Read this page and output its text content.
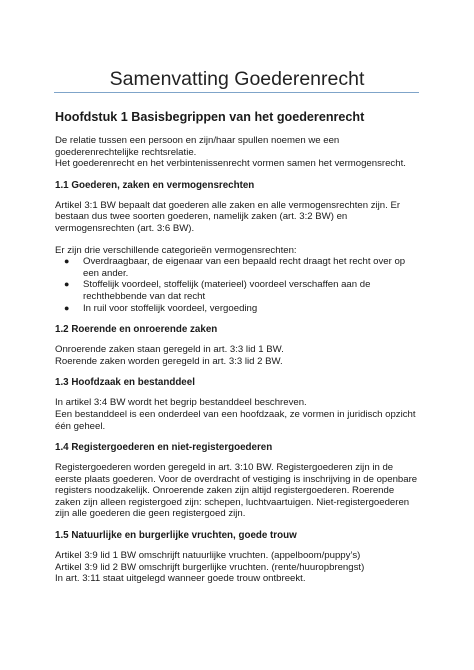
Samenvatting Goederenrecht
Hoofdstuk 1 Basisbegrippen van het goederenrecht

De relatie tussen een persoon en zijn/haar spullen noemen we een goederenrechtelijke rechtsrelatie.
Het goederenrecht en het verbintenissenrecht vormen samen het vermogensrecht.

1.1 Goederen, zaken en vermogensrechten

Artikel 3:1 BW bepaalt dat goederen alle zaken en alle vermogensrechten zijn. Er bestaan dus twee soorten goederen, namelijk zaken (art. 3:2 BW) en vermogensrechten (art. 3:6 BW).

Er zijn drie verschillende categorieën vermogensrechten:

● Overdraagbaar, de eigenaar van een bepaald recht draagt het recht over op een ander.
● Stoffelijk voordeel, stoffelijk (materieel) voordeel verschaffen aan de rechthebbende van dat recht
● In ruil voor stoffelijk voordeel, vergoeding
1.2 Roerende en onroerende zaken

Onroerende zaken staan geregeld in art. 3:3 lid 1 BW.
Roerende zaken worden geregeld in art. 3:3 lid 2 BW.

1.3 Hoofdzaak en bestanddeel

In artikel 3:4 BW wordt het begrip bestanddeel beschreven.
Een bestanddeel is een onderdeel van een hoofdzaak, ze vormen in juridisch opzicht één geheel.

1.4 Registergoederen en niet-registergoederen

Registergoederen worden geregeld in art. 3:10 BW. Registergoederen zijn in de eerste plaats goederen. Voor de overdracht of vestiging is inschrijving in de openbare registers noodzakelijk. Onroerende zaken zijn altijd registergoederen. Roerende zaken zijn alleen registergoed zijn: schepen, luchtvaartuigen. Niet-registergoederen zijn alle goederen die geen registergoed zijn.

1.5 Natuurlijke en burgerlijke vruchten, goede trouw

Artikel 3:9 lid 1 BW omschrijft natuurlijke vruchten. (appelboom/puppy’s)
Artikel 3:9 lid 2 BW omschrijft burgerlijke vruchten. (rente/huuropbrengst)
In art. 3:11 staat uitgelegd wanneer goede trouw ontbreekt.
